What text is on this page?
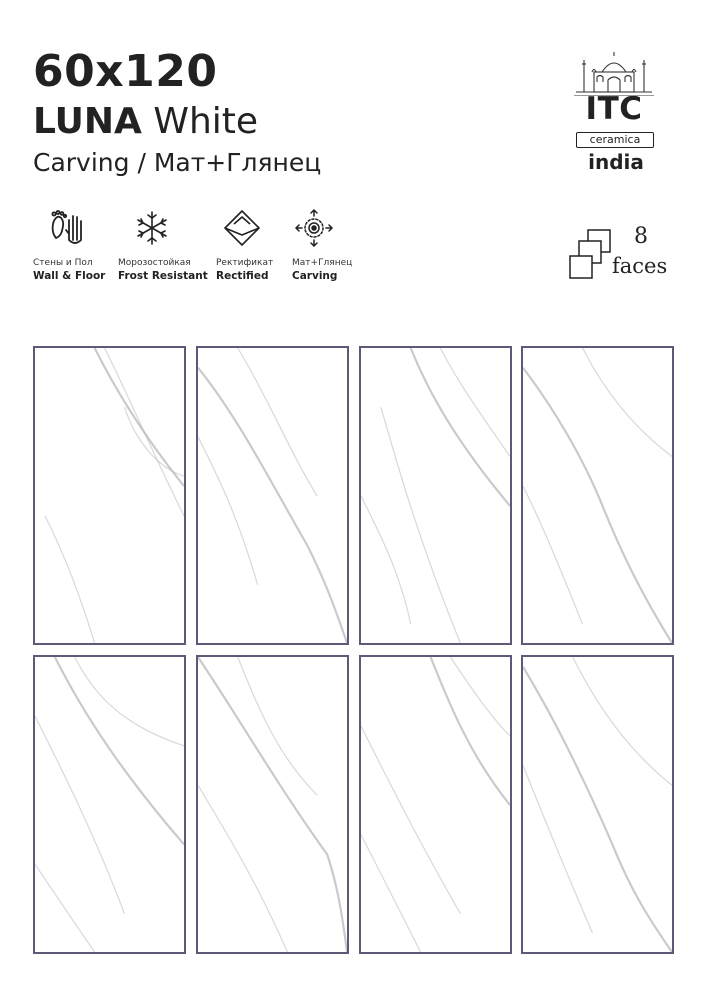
60x120
LUNA White
Carving / Мат+Глянец
ITC
ceramica
india
Стены и Пол
Wall & Floor
Морозостойкая
Frost Resistant
Ректификат
Rectified
Мат+Глянец
Carving
8
faces
